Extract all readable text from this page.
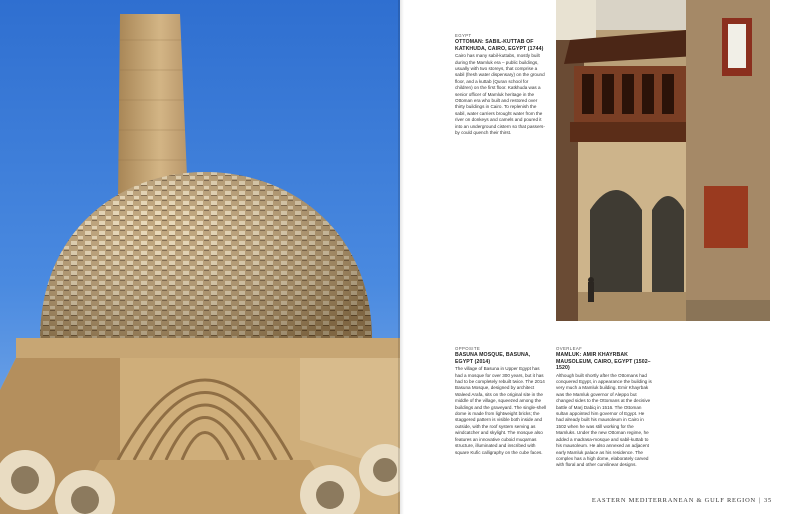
EGYPT
OTTOMAN: SABIL-KUTTAB OF KATKHUDA, CAIRO, EGYPT (1744)
Cairo has many sabil-kuttabs, mostly built during the Mamluk era – public buildings, usually with two storeys, that comprise a sabil (fresh water dispensary) on the ground floor, and a kuttab (Quran school for children) on the first floor. Katkhuda was a senior officer of Mamluk heritage in the Ottoman era who built and restored over thirty buildings in Cairo. To replenish the sabil, water carriers brought water from the river on donkeys and camels and poured it into an underground cistern so that passers-by could quench their thirst.
OPPOSITE
BASUNA MOSQUE, BASUNA, EGYPT (2014)
The village of Basuna in Upper Egypt has had a mosque for over 300 years, but it has had to be completely rebuilt twice. The 2014 Basuna Mosque, designed by architect Waleed Arafa, sits on the original site in the middle of the village, squeezed among the buildings and the graveyard. The single-shell dome is made from lightweight bricks; the staggered pattern is visible both inside and outside, with the roof system serving as windcatcher and skylight. The mosque also features an innovative cuboid muqarnas structure, illuminated and inscribed with square Kufic calligraphy on the cube faces.
OVERLEAF
MAMLUK: AMIR KHAYRBAK MAUSOLEUM, CAIRO, EGYPT (1502–1520)
Although built shortly after the Ottomans had conquered Egypt, in appearance the building is very much a Mamluk building. Emir Khayrbak was the Mamluk governor of Aleppo but changed sides to the Ottomans at the decisive battle of Marj Dabiq in 1516. The Ottoman sultan appointed him governor of Egypt. He had already built his mausoleum in Cairo in 1502 when he was still working for the Mamluks. Under the new Ottoman regime, he added a madrasa-mosque and sabil-kuttab to his mausoleum. He also annexed an adjacent early Mamluk palace as his residence. The complex has a high dome, elaborately carved with floral and other curvilinear designs.
EASTERN MEDITERRANEAN & GULF REGION | 35
